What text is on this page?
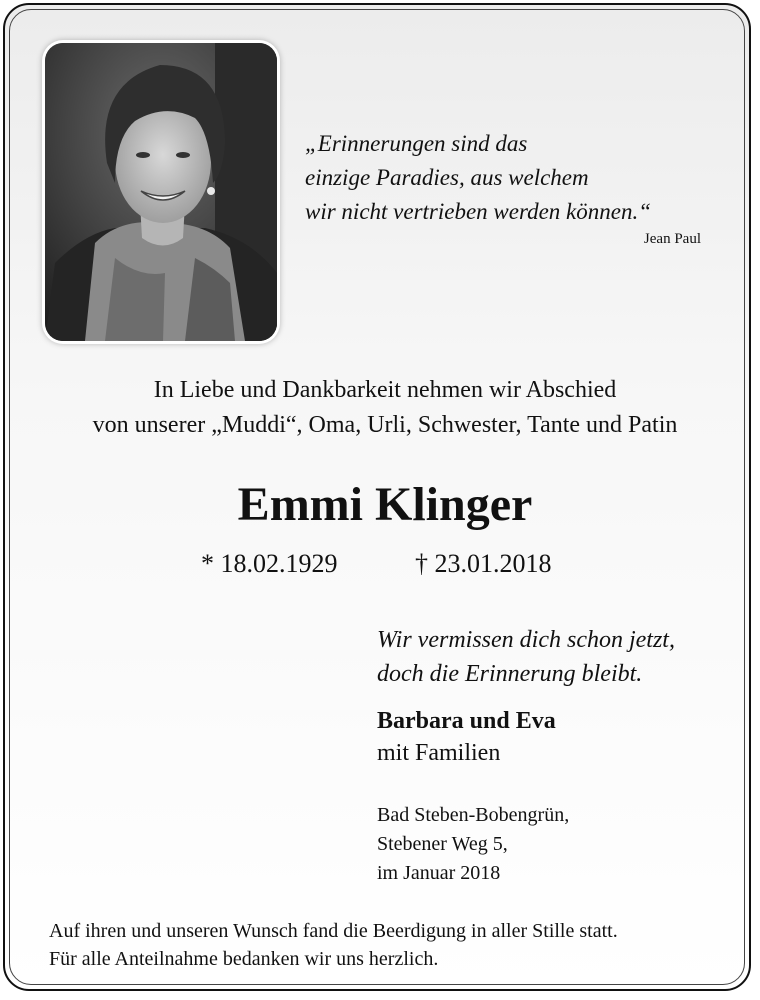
„Erinnerungen sind das
einzige Paradies, aus welchem
wir nicht vertrieben werden können.“
Jean Paul
In Liebe und Dankbarkeit nehmen wir Abschied
von unserer „Muddi“, Oma, Urli, Schwester, Tante und Patin
Emmi Klinger
* 18.02.1929	† 23.01.2018
Wir vermissen dich schon jetzt,
doch die Erinnerung bleibt.
Barbara und Eva
mit Familien
Bad Steben-Bobengrün,
Stebener Weg 5,
im Januar 2018
Auf ihren und unseren Wunsch fand die Beerdigung in aller Stille statt.
Für alle Anteilnahme bedanken wir uns herzlich.
